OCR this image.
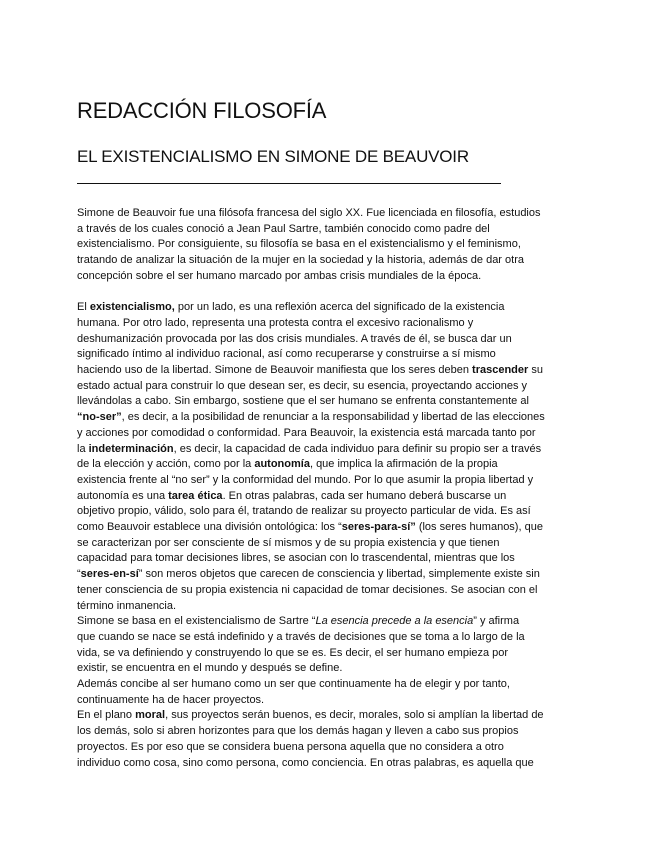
REDACCIÓN FILOSOFÍA
EL EXISTENCIALISMO EN SIMONE DE BEAUVOIR

Simone de Beauvoir fue una filósofa francesa del siglo XX. Fue licenciada en filosofía, estudios
a través de los cuales conoció a Jean Paul Sartre, también conocido como padre del
existencialismo. Por consiguiente, su filosofía se basa en el existencialismo y el feminismo,
tratando de analizar la situación de la mujer en la sociedad y la historia, además de dar otra
concepción sobre el ser humano marcado por ambas crisis mundiales de la época.

El existencialismo, por un lado, es una reflexión acerca del significado de la existencia
humana. Por otro lado, representa una protesta contra el excesivo racionalismo y
deshumanización provocada por las dos crisis mundiales. A través de él, se busca dar un
significado íntimo al individuo racional, así como recuperarse y construirse a sí mismo
haciendo uso de la libertad. Simone de Beauvoir manifiesta que los seres deben trascender su
estado actual para construir lo que desean ser, es decir, su esencia, proyectando acciones y
llevándolas a cabo. Sin embargo, sostiene que el ser humano se enfrenta constantemente al
“no-ser”, es decir, a la posibilidad de renunciar a la responsabilidad y libertad de las elecciones
y acciones por comodidad o conformidad. Para Beauvoir, la existencia está marcada tanto por
la indeterminación, es decir, la capacidad de cada individuo para definir su propio ser a través
de la elección y acción, como por la autonomía, que implica la afirmación de la propia
existencia frente al “no ser” y la conformidad del mundo. Por lo que asumir la propia libertad y
autonomía es una tarea ética. En otras palabras, cada ser humano deberá buscarse un
objetivo propio, válido, solo para él, tratando de realizar su proyecto particular de vida. Es así
como Beauvoir establece una división ontológica: los “seres-para-sí” (los seres humanos), que
se caracterizan por ser consciente de sí mismos y de su propia existencia y que tienen
capacidad para tomar decisiones libres, se asocian con lo trascendental, mientras que los
“seres-en-sí” son meros objetos que carecen de consciencia y libertad, simplemente existe sin
tener consciencia de su propia existencia ni capacidad de tomar decisiones. Se asocian con el
término inmanencia.
Simone se basa en el existencialismo de Sartre “La esencia precede a la esencia” y afirma
que cuando se nace se está indefinido y a través de decisiones que se toma a lo largo de la
vida, se va definiendo y construyendo lo que se es. Es decir, el ser humano empieza por
existir, se encuentra en el mundo y después se define.
Además concibe al ser humano como un ser que continuamente ha de elegir y por tanto,
continuamente ha de hacer proyectos.
En el plano moral, sus proyectos serán buenos, es decir, morales, solo si amplían la libertad de
los demás, solo si abren horizontes para que los demás hagan y lleven a cabo sus propios
proyectos. Es por eso que se considera buena persona aquella que no considera a otro
individuo como cosa, sino como persona, como conciencia. En otras palabras, es aquella que
